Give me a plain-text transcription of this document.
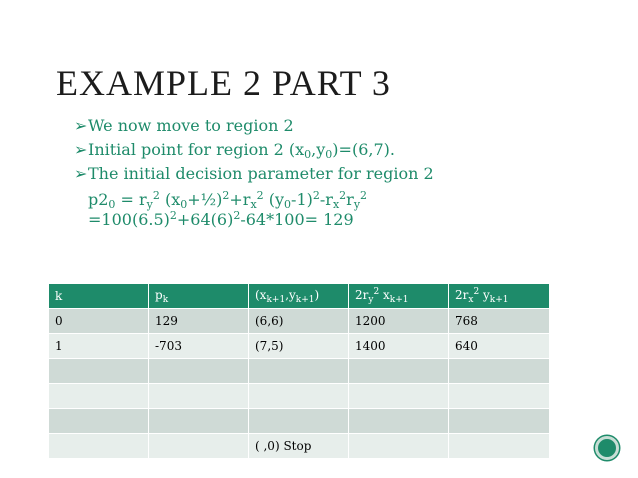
EXAMPLE 2 PART 3
➢We now move to region 2
➢Initial point for region 2 $(x_0,y_0)=(6,7)$.
➢The initial decision parameter for region 2
$p2_0 = r_y^2$ $(x_0+\frac{1}{2})^2+r_x^2$ $(y_0-1)^2-r_x^2r_y^2$
$=100(6.5)^2+64(6)^2-64*100= 129$
k	$p_k$	$(x_{k+1},y_{k+1})$	$2r_y^2$ $x_{k+1}$	$2r_x^2$ $y_{k+1}$
0	129	(6,6)	1200	768
1	-703	(7,5)	1400	640

		( ,0) Stop		
